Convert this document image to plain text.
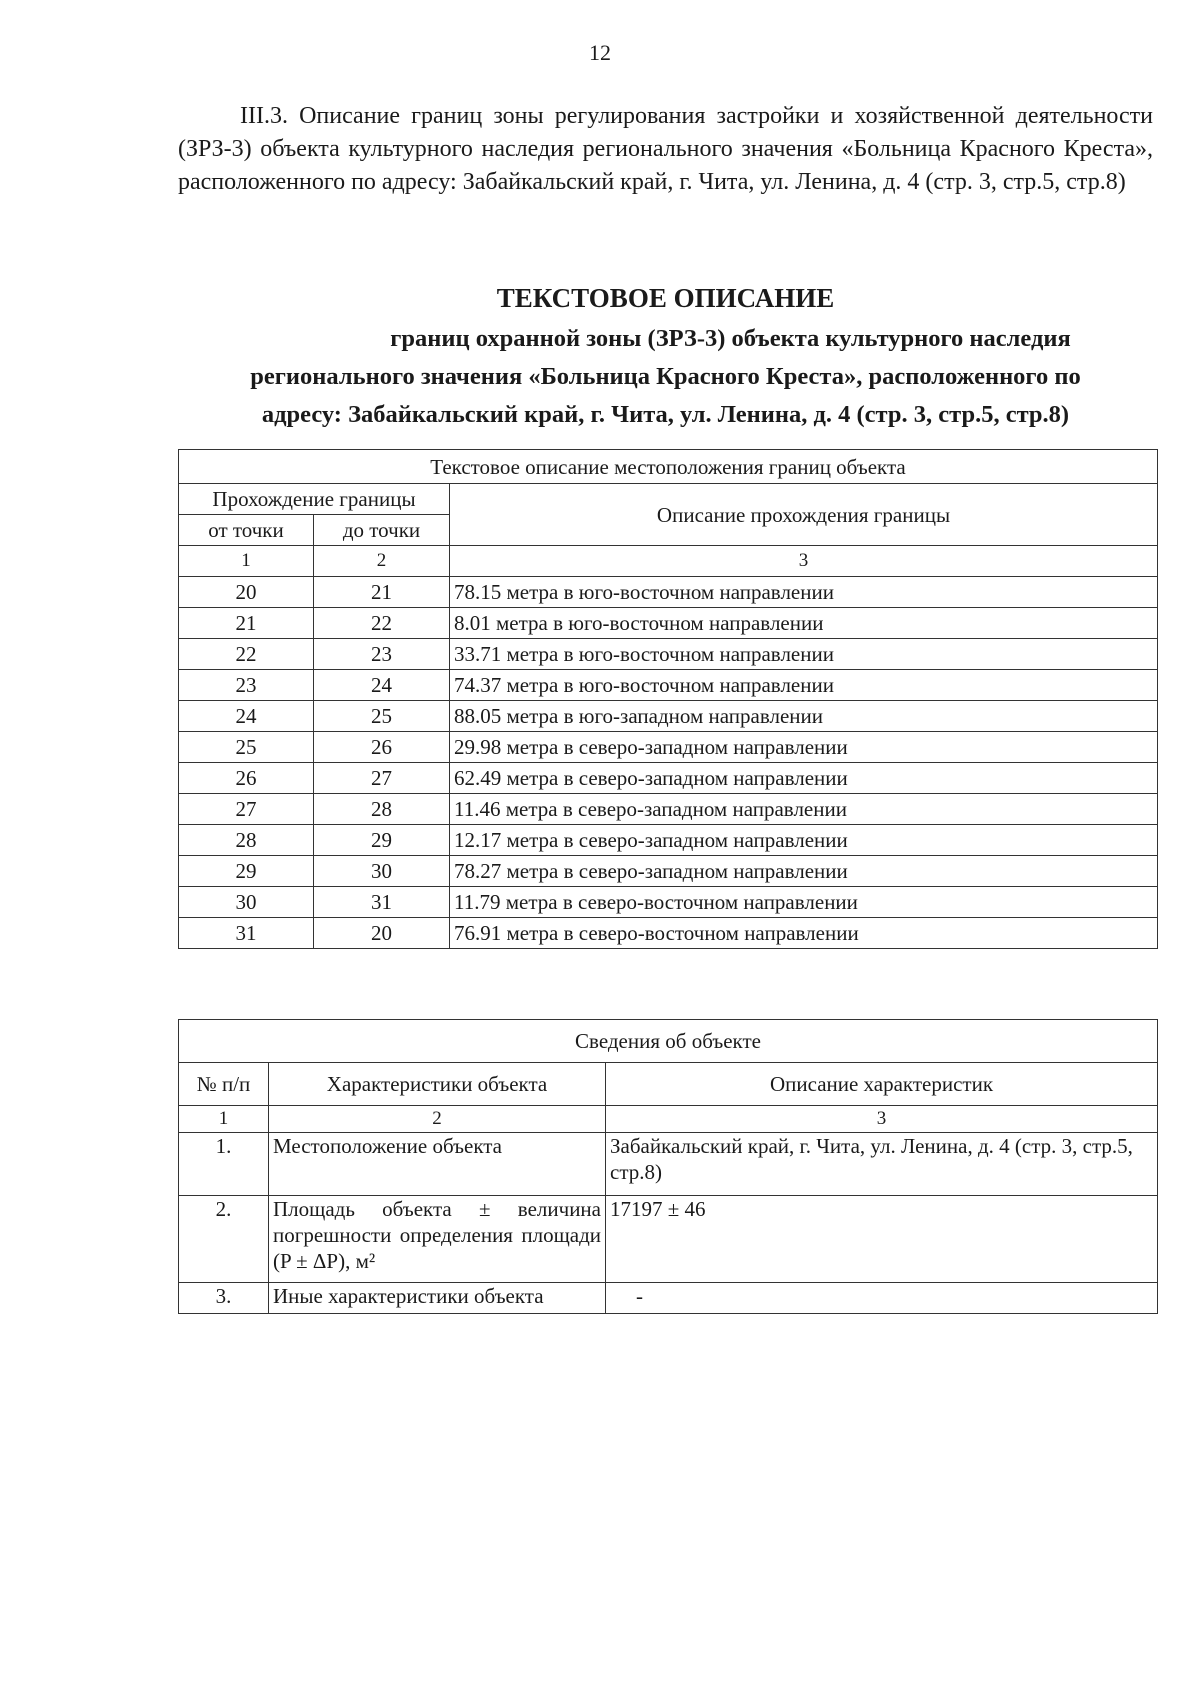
12
III.3. Описание границ зоны регулирования застройки и хозяйственной деятельности (ЗРЗ-3) объекта культурного наследия регионального значения «Больница Красного Креста», расположенного по адресу: Забайкальский край, г. Чита, ул. Ленина, д. 4 (стр. 3, стр.5, стр.8)
ТЕКСТОВОЕ ОПИСАНИЕ
границ охранной зоны (ЗРЗ-3) объекта культурного наследия
регионального значения «Больница Красного Креста», расположенного по
адресу: Забайкальский край, г. Чита, ул. Ленина, д. 4 (стр. 3, стр.5, стр.8)
Текстовое описание местоположения границ объекта		
Прохождение границы		Описание прохождения границы
от точки	до точки	
1	2	3
20	21	78.15 метра в юго-восточном направлении
21	22	8.01 метра в юго-восточном направлении
22	23	33.71 метра в юго-восточном направлении
23	24	74.37 метра в юго-восточном направлении
24	25	88.05 метра в юго-западном направлении
25	26	29.98 метра в северо-западном направлении
26	27	62.49 метра в северо-западном направлении
27	28	11.46 метра в северо-западном направлении
28	29	12.17 метра в северо-западном направлении
29	30	78.27 метра в северо-западном направлении
30	31	11.79 метра в северо-восточном направлении
31	20	76.91 метра в северо-восточном направлении
Сведения об объекте		
№ п/п	Характеристики объекта	Описание характеристик
1	2	3
1.	Местоположение объекта	Забайкальский край, г. Чита, ул. Ленина, д. 4 (стр. 3, стр.5, стр.8)
2.	Площадь объекта ± величина погрешности определения площади (P ± ΔP), м²	17197 ± 46
3.	Иные характеристики объекта	-
